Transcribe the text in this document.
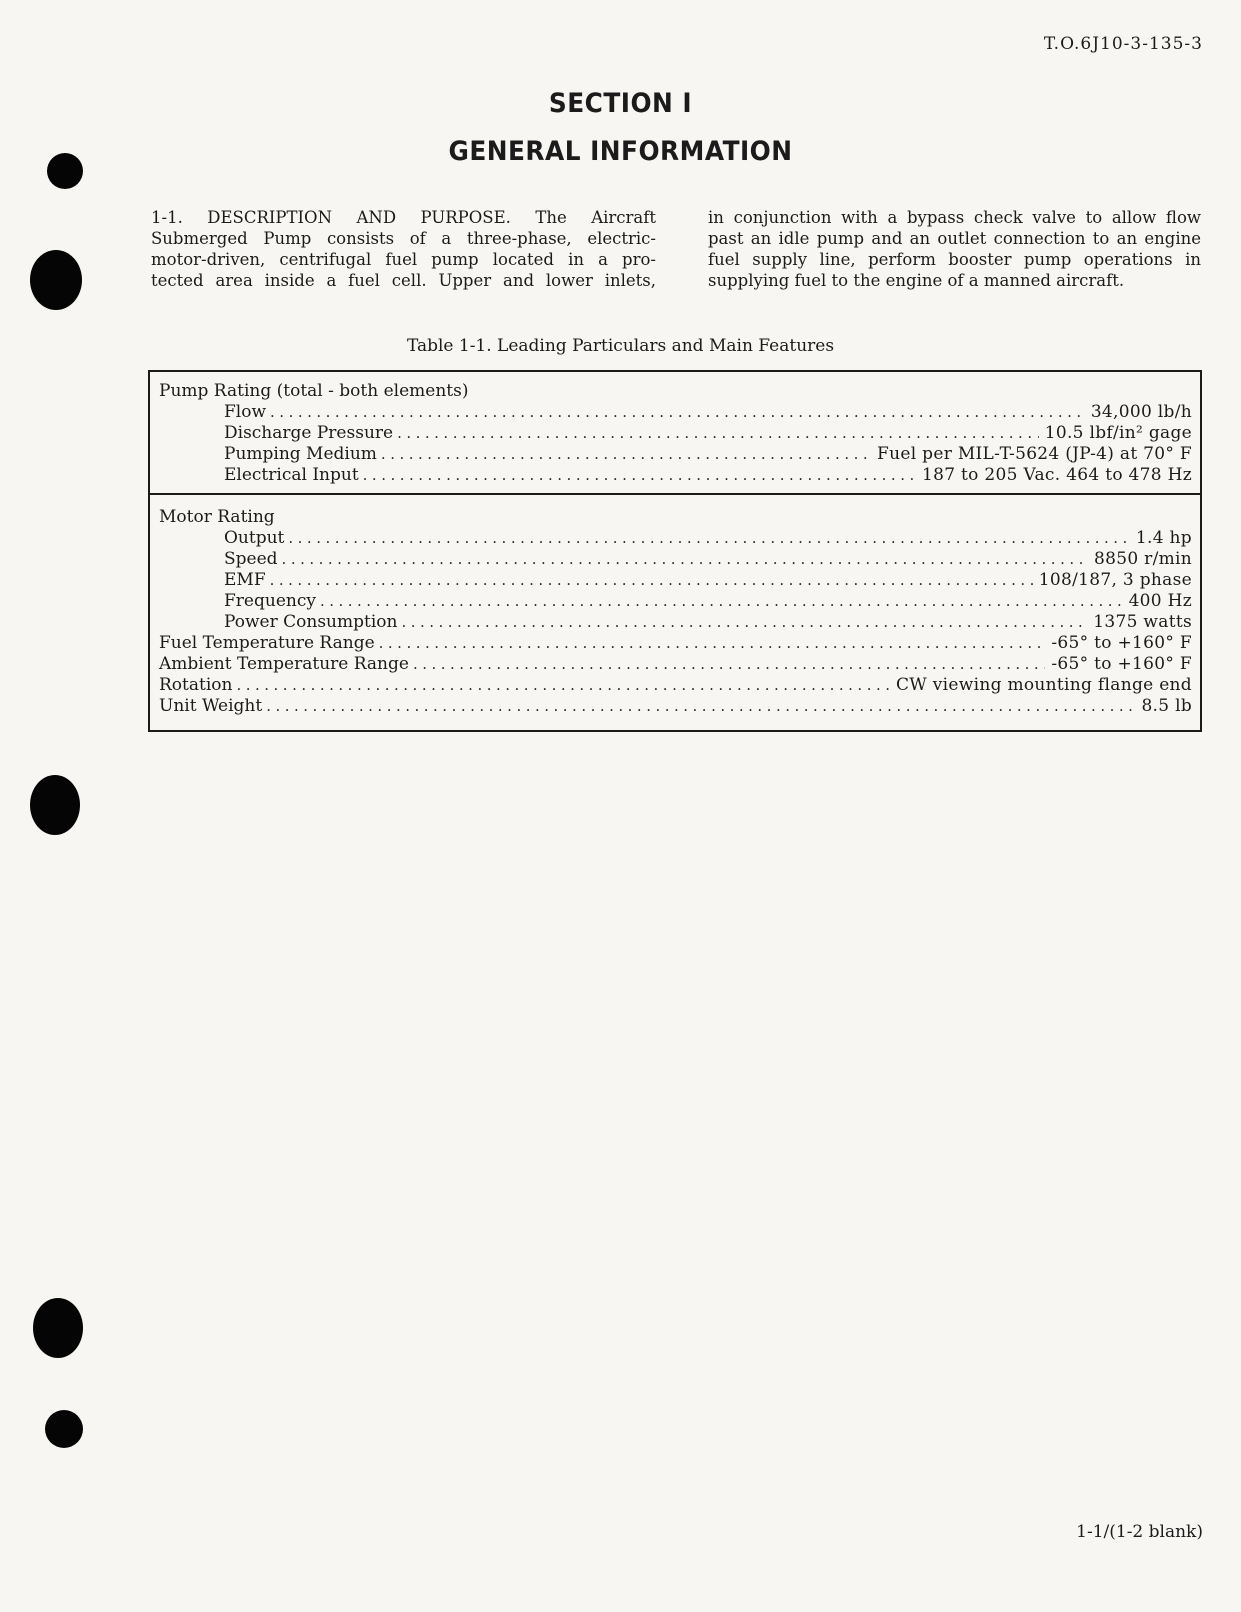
T.O.6J10-3-135-3
SECTION I
GENERAL INFORMATION
1-1. DESCRIPTION AND PURPOSE. The Aircraft
Submerged Pump consists of a three-phase, electric-
motor-driven, centrifugal fuel pump located in a pro-
tected area inside a fuel cell. Upper and lower inlets,
in conjunction with a bypass check valve to allow flow
past an idle pump and an outlet connection to an engine
fuel supply line, perform booster pump operations in
supplying fuel to the engine of a manned aircraft.
Table 1-1. Leading Particulars and Main Features
Pump Rating (total - both elements)
Flow .....	34,000 lb/h
Discharge Pressure .....	10.5 lbf/in² gage
Pumping Medium .....	Fuel per MIL-T-5624 (JP-4) at 70° F
Electrical Input .....	187 to 205 Vac. 464 to 478 Hz
Motor Rating
Output .....	1.4 hp
Speed .....	8850 r/min
EMF .....	108/187, 3 phase
Frequency .....	400 Hz
Power Consumption .....	1375 watts
Fuel Temperature Range .....	-65° to +160° F
Ambient Temperature Range .....	-65° to +160° F
Rotation .....	CW viewing mounting flange end
Unit Weight .....	8.5 lb
1-1/(1-2 blank)
